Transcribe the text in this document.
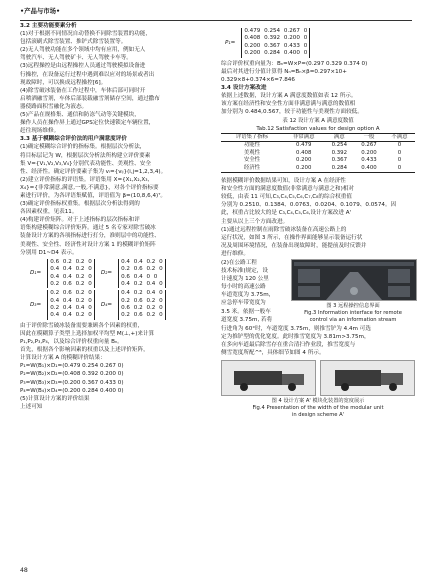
•产品与市场•
3.2 主要功能要素分析
(1)对于根据不同情况自动替换不同除雪装置的功能，
包括滚刷式除雪装置、推铲式除雪装置等。
(2)无人驾驶功能在多个领域中均有应用，例如无人
驾驶汽车、无人驾驶矿卡、无人驾驶卡车等。
(3)远程操控是由远程操控人员通过驾驶模拟设备进
行操控，在设备运行过程中遇到难以应对的场景或者出
现故障时，可以换成远程操控[6]。
(4)除雪破冰装备在工作过程中，车体后部可同时开
启喷洒融雪剂，车体后部装载融雪剂储存空间，通过撒布
器使路面积雪融化为液态。
(5)产品在规格集、通信和防冻气动等关键模块，
操作人员在操作屏上通过GPS定位快速锁定车辆位置，
赶往现场维修。
3.3 基于模糊综合评价法的用户满意度评价
(1)确定模糊综合评价的指标集。根据层次分析法，
将目标层记为 W，根据层次分析法所构建立评价要素
集 V={V₁,V₂,V₃,V₄}分别代表功能性、美观性、安全
性、经济性。确定评价要素子集为 vᵢ={vᵢⱼ}(i,j=1,2,3,4)。
(2)建立评价指标的评语集。评语集用 X={X₁,X₂,X₃,
X₄}={非常满意,满意,一般,不满意}，对各个评价指标要
素进行评价，为各评语集赋值，评语值为 β=(10,8,6,4)ᵀ。
(3)确定评价指标权重集。根据层次分析法得到的
各因素权重，见表11。
(4)构建评价矩阵。对于上述指标的层次指标和评
语集构建模糊综合评价矩阵。通过 5 名专家对除雪破冰
装备设计方案的各项指标进行打分，准则层中的功能性、
美观性、安全性、经济性对设计方案 1 的模糊评价矩阵
分别用 D1~D4 表示。
D₁=
0.6 0.2 0.2 0
0.4 0.4 0.2 0
0.4 0.4 0.2 0
0.2 0.6 0.2 0
D₂=
0.4 0.4 0.2 0
0.2 0.6 0.2 0
0.6 0.4 0 0
0.4 0.2 0.4 0
D₃=
0.2 0.6 0.2 0
0.4 0.4 0.2 0
0.2 0.4 0.4 0
0.4 0.4 0.2 0
D₄=
0.4 0.2 0.4 0
0.2 0.6 0.2 0
0.6 0.2 0.2 0
0.2 0.6 0.2 0
由于评价除雪破冰装备需要兼顾各个因素的权重，
因此在模糊算子类型上选择加权平均型 M(⊥,+)来计算
P₁,P₂,P₃,P₄，以及综合评价权重向量 Bₙ。
首先，根据各个影响因素的权重以及上述评价矩阵，
计算设计方案 A 的模糊评价结果：
P₁=W(B₁)×D₁=(0.479 0.254 0.267 0)
P₂=W(B₂)×D₂=(0.408 0.392 0.200 0)
P₃=W(B₃)×D₃=(0.200 0.367 0.433 0)
P₄=W(B₄)×D₄=(0.200 0.284 0.400 0)
(5)计算设计方案的评价结果
上述可知
P₁=
0.479 0.254 0.267 0
0.408 0.392 0.200 0
0.200 0.367 0.433 0
0.200 0.284 0.400 0
综合评价权重向量为：Bₙ=W×P=(0.297 0.329 0.374 0)
最后对其进行分值计算得 Nₙ=Bₙ×β=0.297×10+
0.329×8+0.374×6=7.846
3.4 设计方案改进
依据上述数据，设计方案 A 满意度数值如表 12 所示。
该方案在经济性和安全性方面非满意满与满意的数值相
加分别为 0.484,0.567，较于功能性与美观性方面较低。
表 12 设计方案 A 满意度数值
Tab.12 Satisfaction values for design option A
评语集 / 指标	非常满意	满意	一般	不满意
功能性	0.479	0.254	0.267	0
美观性	0.408	0.392	0.200	0
安全性	0.200	0.367	0.433	0
经济性	0.200	0.284	0.400	0
依据模糊评价数据结果可知，设计方案 A 在经济性
和安全性方面的满意度数值(非常满意与满意之和)相对
较低，由表 11 可知,C₃,C₄,C₅,C₆,C₇,C₈的综合权重值
分别为 0.2510、0.1384、0.0763、0.0204、0.1079、0.0574。因
此，权重占比较大的是 C₃,C₄,C₅,C₆,设计方案改进 A'
主要从以上三个方面改进。
(1)通过远程控制在雨除雪破冰装备在高速公路上的
运行状况，如图 3 所示，在操作界面能够显示装备运行状
况及周围环境情况，在装备出现故障时，能提前及时反馈并
进行维修。
(2)在公路工程
技术标准)规定，设
计速度为 120 公里
每小时的高速公路
车道宽度为 3.75m，
应急停车带宽度为
3.5 米。依据一般车
道宽度 3.75m, 若将
图 3 远程操控信息界面
Fig.3 Information interface for remote
control via an information stream
行进角为 60°时，车道宽度 3.75m，则推雪铲为 4.4m 可选
定为推铲型的优化宽度。此时推雪宽度为 3.81m>3.75m，
在多向车道最后除雪存在重合清扫作业段，推雪宽度与
侧雪宽度所配^⁸，具体细节如图 4 所示。
图 4 设计方案 A' 模块化装置的宽度展示
Fig.4 Presentation of the width of the modular unit
in design scheme A'
48
